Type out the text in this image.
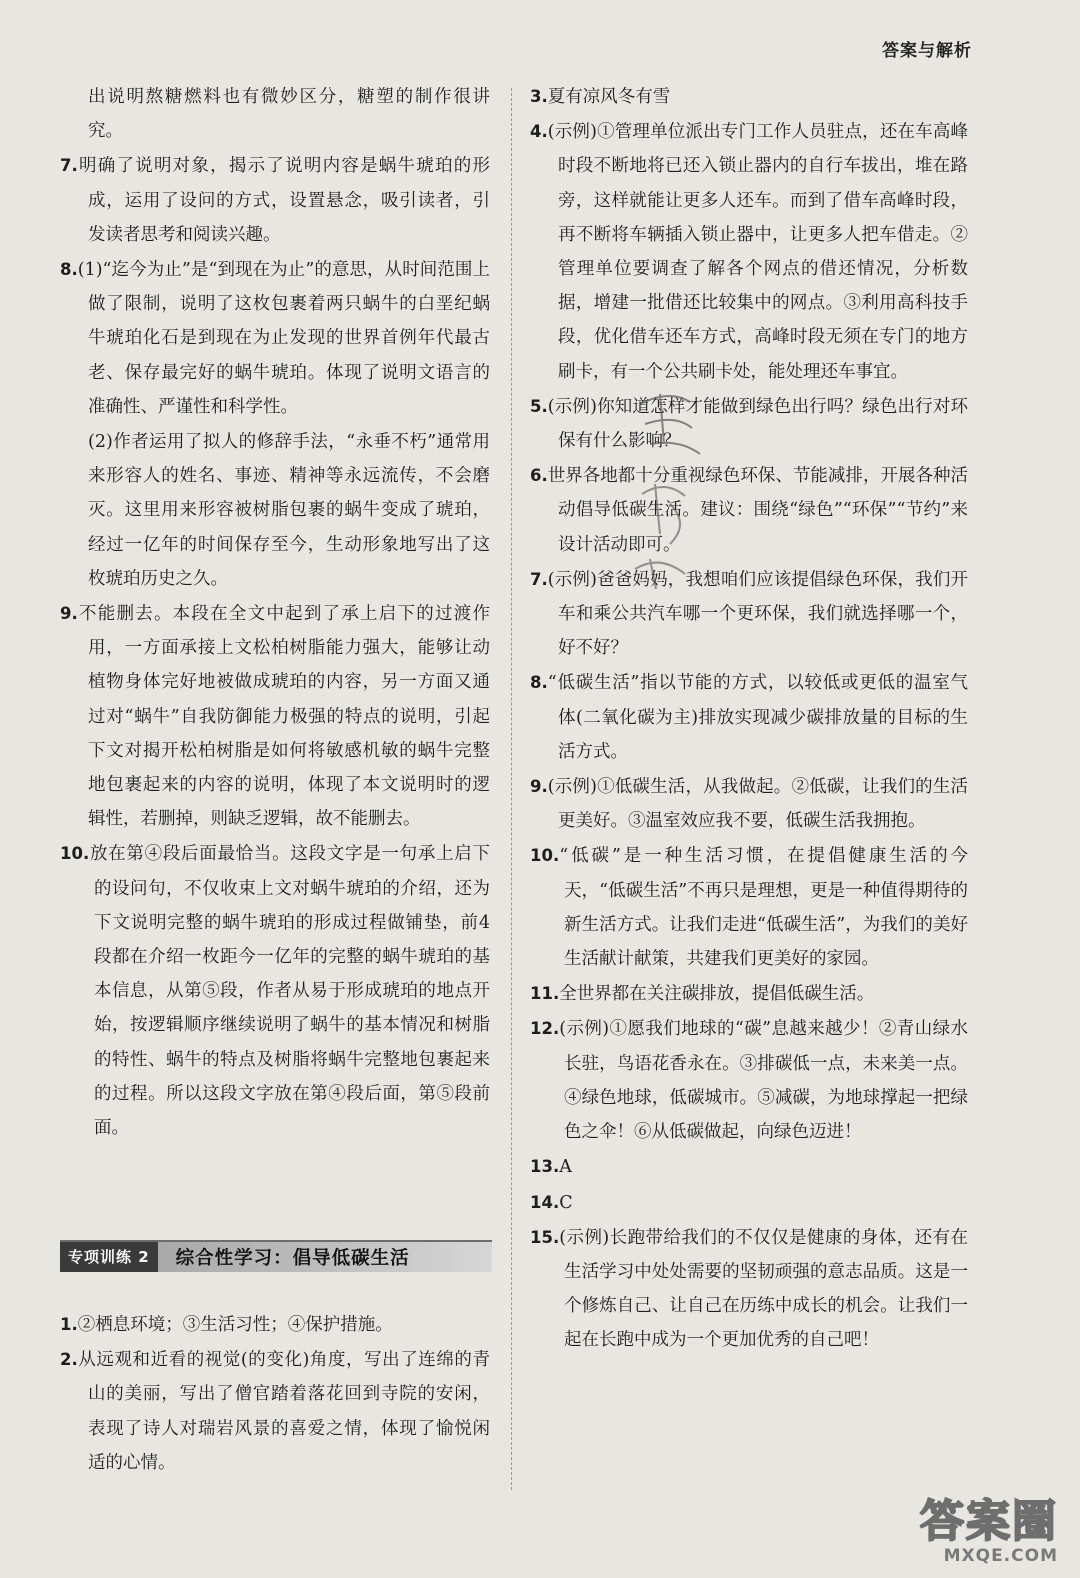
答案与解析
出说明熬糖燃料也有微妙区分，糖塑的制作很讲究。
7.明确了说明对象，揭示了说明内容是蜗牛琥珀的形成，运用了设问的方式，设置悬念，吸引读者，引发读者思考和阅读兴趣。
8.(1)“迄今为止”是“到现在为止”的意思，从时间范围上做了限制，说明了这枚包裹着两只蜗牛的白垩纪蜗牛琥珀化石是到现在为止发现的世界首例年代最古老、保存最完好的蜗牛琥珀。体现了说明文语言的准确性、严谨性和科学性。
(2)作者运用了拟人的修辞手法，“永垂不朽”通常用来形容人的姓名、事迹、精神等永远流传，不会磨灭。这里用来形容被树脂包裹的蜗牛变成了琥珀，经过一亿年的时间保存至今，生动形象地写出了这枚琥珀历史之久。
9.不能删去。本段在全文中起到了承上启下的过渡作用，一方面承接上文松柏树脂能力强大，能够让动植物身体完好地被做成琥珀的内容，另一方面又通过对“蜗牛”自我防御能力极强的特点的说明，引起下文对揭开松柏树脂是如何将敏感机敏的蜗牛完整地包裹起来的内容的说明，体现了本文说明时的逻辑性，若删掉，则缺乏逻辑，故不能删去。
10.放在第④段后面最恰当。这段文字是一句承上启下的设问句，不仅收束上文对蜗牛琥珀的介绍，还为下文说明完整的蜗牛琥珀的形成过程做铺垫，前4段都在介绍一枚距今一亿年的完整的蜗牛琥珀的基本信息，从第⑤段，作者从易于形成琥珀的地点开始，按逻辑顺序继续说明了蜗牛的基本情况和树脂的特性、蜗牛的特点及树脂将蜗牛完整地包裹起来的过程。所以这段文字放在第④段后面，第⑤段前面。
专项训练 2	综合性学习：倡导低碳生活
1.②栖息环境；③生活习性；④保护措施。
2.从远观和近看的视觉(的变化)角度，写出了连绵的青山的美丽，写出了僧官踏着落花回到寺院的安闲，表现了诗人对瑞岩风景的喜爱之情，体现了愉悦闲适的心情。
3.夏有凉风冬有雪
4.(示例)①管理单位派出专门工作人员驻点，还在车高峰时段不断地将已还入锁止器内的自行车拔出，堆在路旁，这样就能让更多人还车。而到了借车高峰时段，再不断将车辆插入锁止器中，让更多人把车借走。②管理单位要调查了解各个网点的借还情况，分析数据，增建一批借还比较集中的网点。③利用高科技手段，优化借车还车方式，高峰时段无须在专门的地方刷卡，有一个公共刷卡处，能处理还车事宜。
5.(示例)你知道怎样才能做到绿色出行吗？绿色出行对环保有什么影响？
6.世界各地都十分重视绿色环保、节能减排，开展各种活动倡导低碳生活。建议：围绕“绿色”“环保”“节约”来设计活动即可。
7.(示例)爸爸妈妈，我想咱们应该提倡绿色环保，我们开车和乘公共汽车哪一个更环保，我们就选择哪一个，好不好？
8.“低碳生活”指以节能的方式，以较低或更低的温室气体(二氧化碳为主)排放实现减少碳排放量的目标的生活方式。
9.(示例)①低碳生活，从我做起。②低碳，让我们的生活更美好。③温室效应我不要，低碳生活我拥抱。
10.“低碳”是一种生活习惯，在提倡健康生活的今天，“低碳生活”不再只是理想，更是一种值得期待的新生活方式。让我们走进“低碳生活”，为我们的美好生活献计献策，共建我们更美好的家园。
11.全世界都在关注碳排放，提倡低碳生活。
12.(示例)①愿我们地球的“碳”息越来越少！②青山绿水长驻，鸟语花香永在。③排碳低一点，未来美一点。④绿色地球，低碳城市。⑤减碳，为地球撑起一把绿色之伞！⑥从低碳做起，向绿色迈进！
13.A
14.C
15.(示例)长跑带给我们的不仅仅是健康的身体，还有在生活学习中处处需要的坚韧顽强的意志品质。这是一个修炼自己、让自己在历练中成长的机会。让我们一起在长跑中成为一个更加优秀的自己吧！
答案圈
MXQE.COM
